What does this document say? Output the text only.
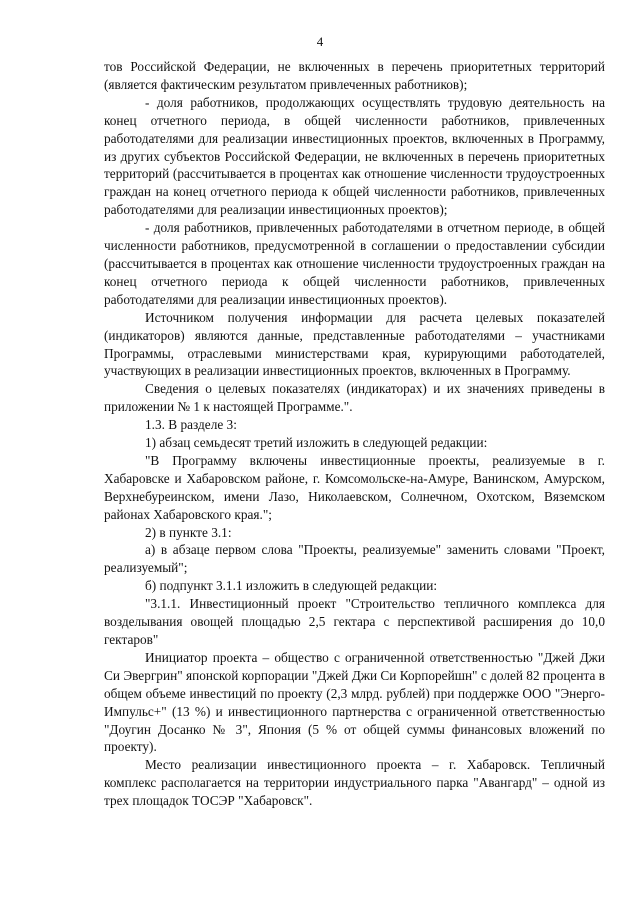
4

тов Российской Федерации, не включенных в перечень приоритетных территорий (является фактическим результатом привлеченных работников);

- доля работников, продолжающих осуществлять трудовую деятельность на конец отчетного периода, в общей численности работников, привлеченных работодателями для реализации инвестиционных проектов, включенных в Программу, из других субъектов Российской Федерации, не включенных в перечень приоритетных территорий (рассчитывается в процентах как отношение численности трудоустроенных граждан на конец отчетного периода к общей численности работников, привлеченных работодателями для реализации инвестиционных проектов);

- доля работников, привлеченных работодателями в отчетном периоде, в общей численности работников, предусмотренной в соглашении о предоставлении субсидии (рассчитывается в процентах как отношение численности трудоустроенных граждан на конец отчетного периода к общей численности работников, привлеченных работодателями для реализации инвестиционных проектов).

Источником получения информации для расчета целевых показателей (индикаторов) являются данные, представленные работодателями – участниками Программы, отраслевыми министерствами края, курирующими работодателей, участвующих в реализации инвестиционных проектов, включенных в Программу.

Сведения о целевых показателях (индикаторах) и их значениях приведены в приложении № 1 к настоящей Программе.".

1.3. В разделе 3:

1) абзац семьдесят третий изложить в следующей редакции:

"В Программу включены инвестиционные проекты, реализуемые в г. Хабаровске и Хабаровском районе, г. Комсомольске-на-Амуре, Ванинском, Амурском, Верхнебуреинском, имени Лазо, Николаевском, Солнечном, Охотском, Вяземском районах Хабаровского края.";

2) в пункте 3.1:

а) в абзаце первом слова "Проекты, реализуемые" заменить словами "Проект, реализуемый";

б) подпункт 3.1.1 изложить в следующей редакции:

"3.1.1. Инвестиционный проект "Строительство тепличного комплекса для возделывания овощей площадью 2,5 гектара с перспективой расширения до 10,0 гектаров"

Инициатор проекта – общество с ограниченной ответственностью "Джей Джи Си Эвергрин" японской корпорации "Джей Джи Си Корпорейшн" с долей 82 процента в общем объеме инвестиций по проекту (2,3 млрд. рублей) при поддержке ООО "Энерго-Импульс+" (13 %) и инвестиционного партнерства с ограниченной ответственностью "Доугин Досанко № 3", Япония (5 % от общей суммы финансовых вложений по проекту).

Место реализации инвестиционного проекта – г. Хабаровск. Тепличный комплекс располагается на территории индустриального парка "Авангард" – одной из трех площадок ТОСЭР "Хабаровск".
